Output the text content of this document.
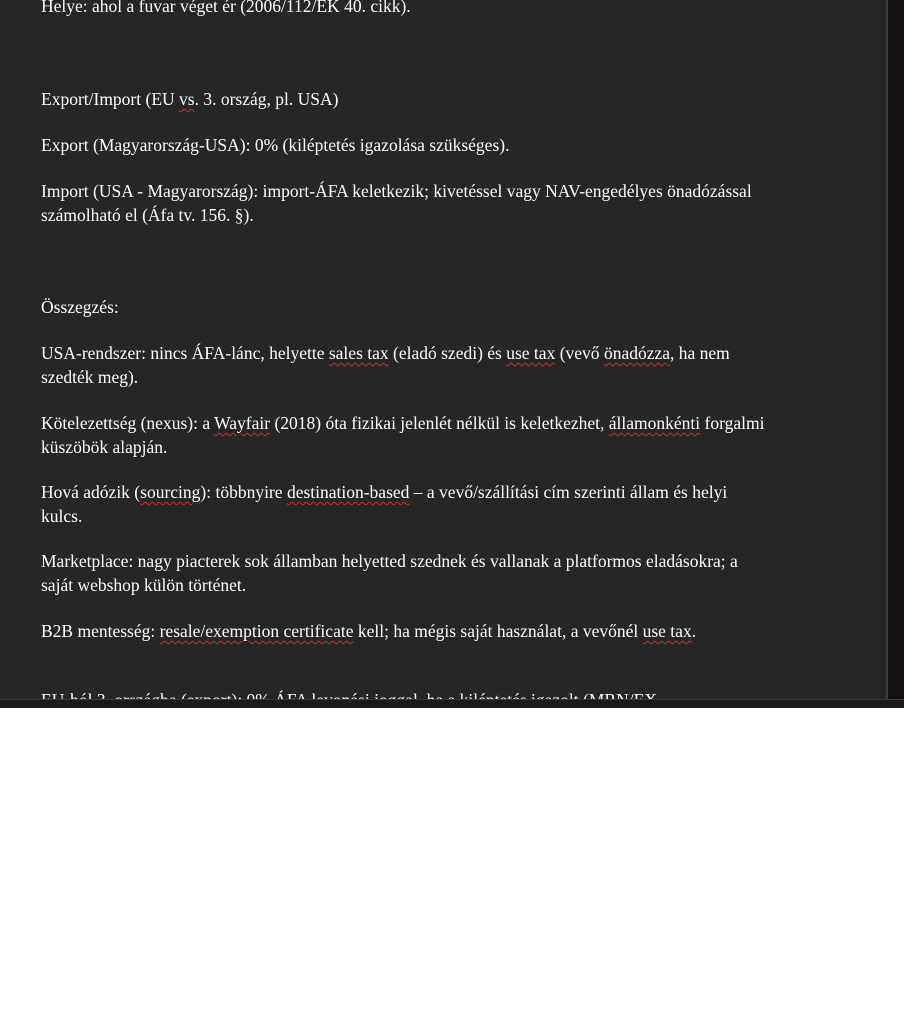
Helye: ahol a fuvar véget ér (2006/112/EK 40. cikk).

Export/Import (EU vs. 3. ország, pl. USA)

Export (Magyarország-USA): 0% (kiléptetés igazolása szükséges).

Import (USA - Magyarország): import-ÁFA keletkezik; kivetéssel vagy NAV-engedélyes önadózással számolható el (Áfa tv. 156. §).

Összegzés:

USA-rendszer: nincs ÁFA-lánc, helyette sales tax (eladó szedi) és use tax (vevő önadózza, ha nem szedték meg).

Kötelezettség (nexus): a Wayfair (2018) óta fizikai jelenlét nélkül is keletkezhet, államonkénti forgalmi küszöbök alapján.

Hová adózik (sourcing): többnyire destination-based – a vevő/szállítási cím szerinti állam és helyi kulcs.

Marketplace: nagy piacterek sok államban helyetted szednek és vallanak a platformos eladásokra; a saját webshop külön történet.

B2B mentesség: resale/exemption certificate kell; ha mégis saját használat, a vevőnél use tax.
